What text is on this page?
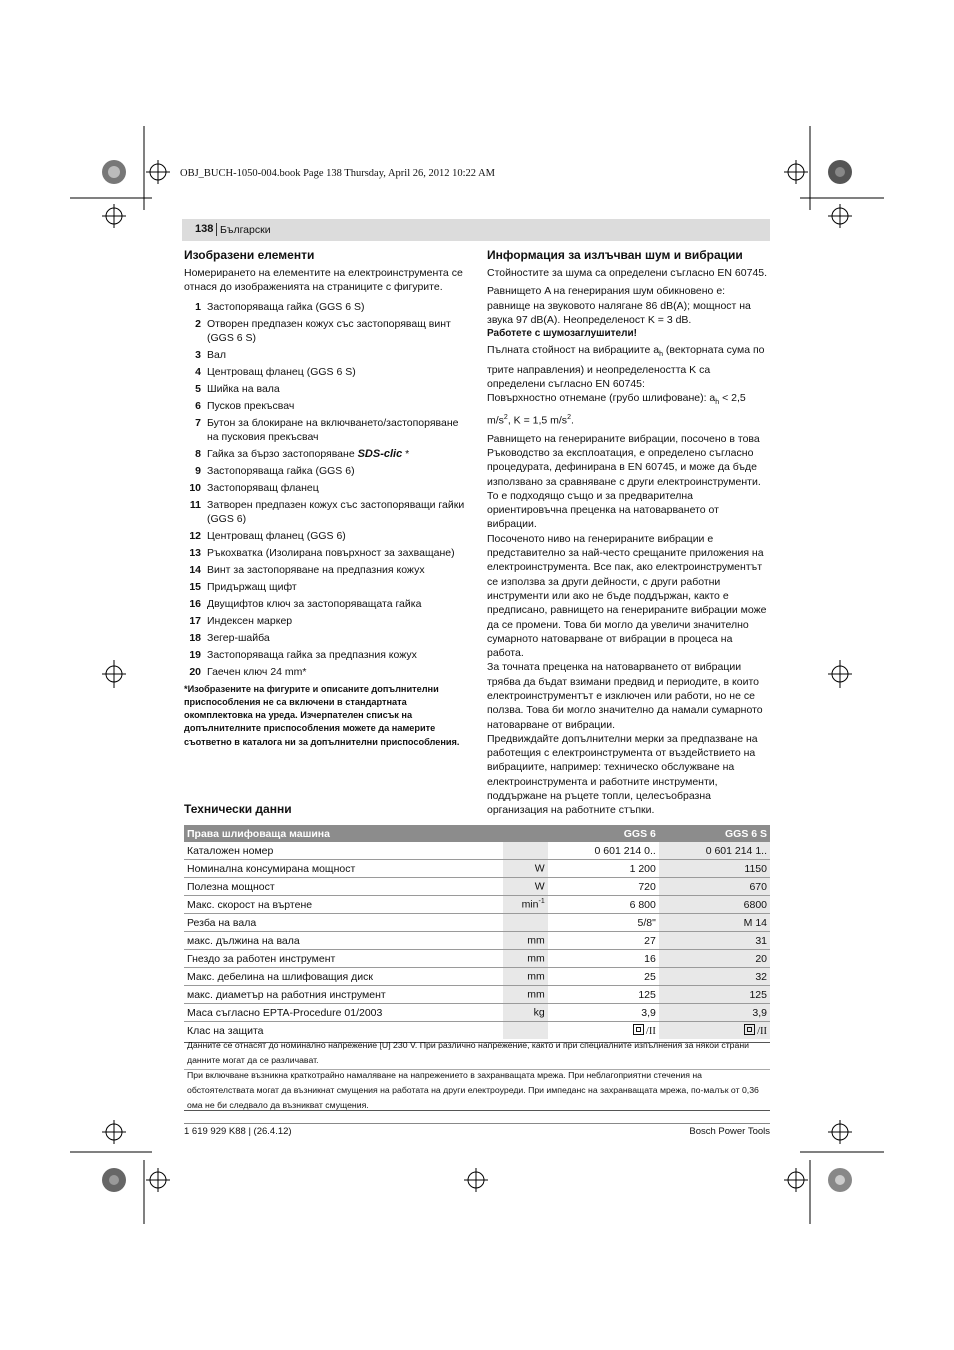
OBJ_BUCH-1050-004.book Page 138 Thursday, April 26, 2012 10:22 AM
138 Български
Изобразени елементи
Номерирането на елементите на електроинструмента се отнася до изображенията на страниците с фигурите.
1 Застопоряваща гайка (GGS 6 S)
2 Отворен предпазен кожух със застопоряващ винт (GGS 6 S)
3 Вал
4 Центроващ фланец (GGS 6 S)
5 Шийка на вала
6 Пусков прекъсвач
7 Бутон за блокиране на включването/застопоряване на пусковия прекъсвач
8 Гайка за бързо застопоряване SDS-clic *
9 Застопоряваща гайка (GGS 6)
10 Застопоряващ фланец
11 Затворен предпазен кожух със застопоряващи гайки (GGS 6)
12 Центроващ фланец (GGS 6)
13 Ръкохватка (Изолирана повърхност за захващане)
14 Винт за застопоряване на предпазния кожух
15 Придържащ щифт
16 Двущифтов ключ за застопоряващата гайка
17 Индексен маркер
18 Зегер-шайба
19 Застопоряваща гайка за предпазния кожух
20 Гаечен ключ 24 mm*
*Изобразените на фигурите и описаните допълнителни приспособления не са включени в стандартната окомплектовка на уреда. Изчерпателен списък на допълнителните приспособления можете да намерите съответно в каталога ни за допълнителни приспособления.
Информация за излъчван шум и вибрации
Стойностите за шума са определени съгласно EN 60745.
Равнището A на генерирания шум обикновено е: равнище на звуковото налягане 86 dB(A); мощност на звука 97 dB(A). Неопределеност K = 3 dB.
Работете с шумозаглушители!
Пълната стойност на вибрациите $a_h$ (векторната сума по трите направления) и неопределеността K са определени съгласно EN 60745:
Повърхностно отнемане (грубо шлифоване): $a_h < 2,5$ $m/s^2$, K = 1,5 $m/s^2$.
Равнището на генерираните вибрации, посочено в това Ръководство за експлоатация, е определено съгласно процедурата, дефинирана в EN 60745, и може да бъде използвано за сравняване с други електроинструменти. То е подходящо също и за предварителна ориентировъчна преценка на натоварването от вибрации.
Посоченото ниво на генерираните вибрации е представително за най-често срещаните приложения на електроинструмента. Все пак, ако електроинструментът се използва за други дейности, с други работни инструменти или ако не бъде поддържан, както е предписано, равнището на генерираните вибрации може да се промени. Това би могло да увеличи значително сумарното натоварване от вибрации в процеса на работа.
За точната преценка на натоварването от вибрации трябва да бъдат взимани предвид и периодите, в които електроинструментът е изключен или работи, но не се ползва. Това би могло значително да намали сумарното натоварване от вибрации.
Предвиждайте допълнителни мерки за предпазване на работещия с електроинструмента от въздействието на вибрациите, например: техническо обслужване на електроинструмента и работните инструменти, поддържане на ръцете топли, целесъобразна организация на работните стъпки.
Технически данни
Права шлифоваща машина		GGS 6	GGS 6 S
Каталожен номер		0 601 214 0..	0 601 214 1..
Номинална консумирана мощност	W	1 200	1150
Полезна мощност	W	720	670
Макс. скорост на въртене	$\min^{-1}$	6 800	6800
Резба на вала		5/8"	M 14
макс. дължина на вала	mm	27	31
Гнездо за работен инструмент	mm	16	20
Макс. дебелина на шлифоващия диск	mm	25	32
макс. диаметър на работния инструмент	mm	125	125
Маса съгласно EPTA-Procedure 01/2003	kg	3,9	3,9
Клас на защита		/II	/II
Данните се отнасят до номинално напрежение [U] 230 V. При различно напрежение, както и при специалните изпълнения за някои страни данните могат да се различават.
При включване възникна краткотрайно намаляване на напрежението в захранващата мрежа. При неблагоприятни стечения на обстоятелствата могат да възникнат смущения на работата на други електроуреди. При импеданс на захранващата мрежа, по-малък от 0,36 ома не би следвало да възникват смущения.
1 619 929 K88 | (26.4.12)	Bosch Power Tools
